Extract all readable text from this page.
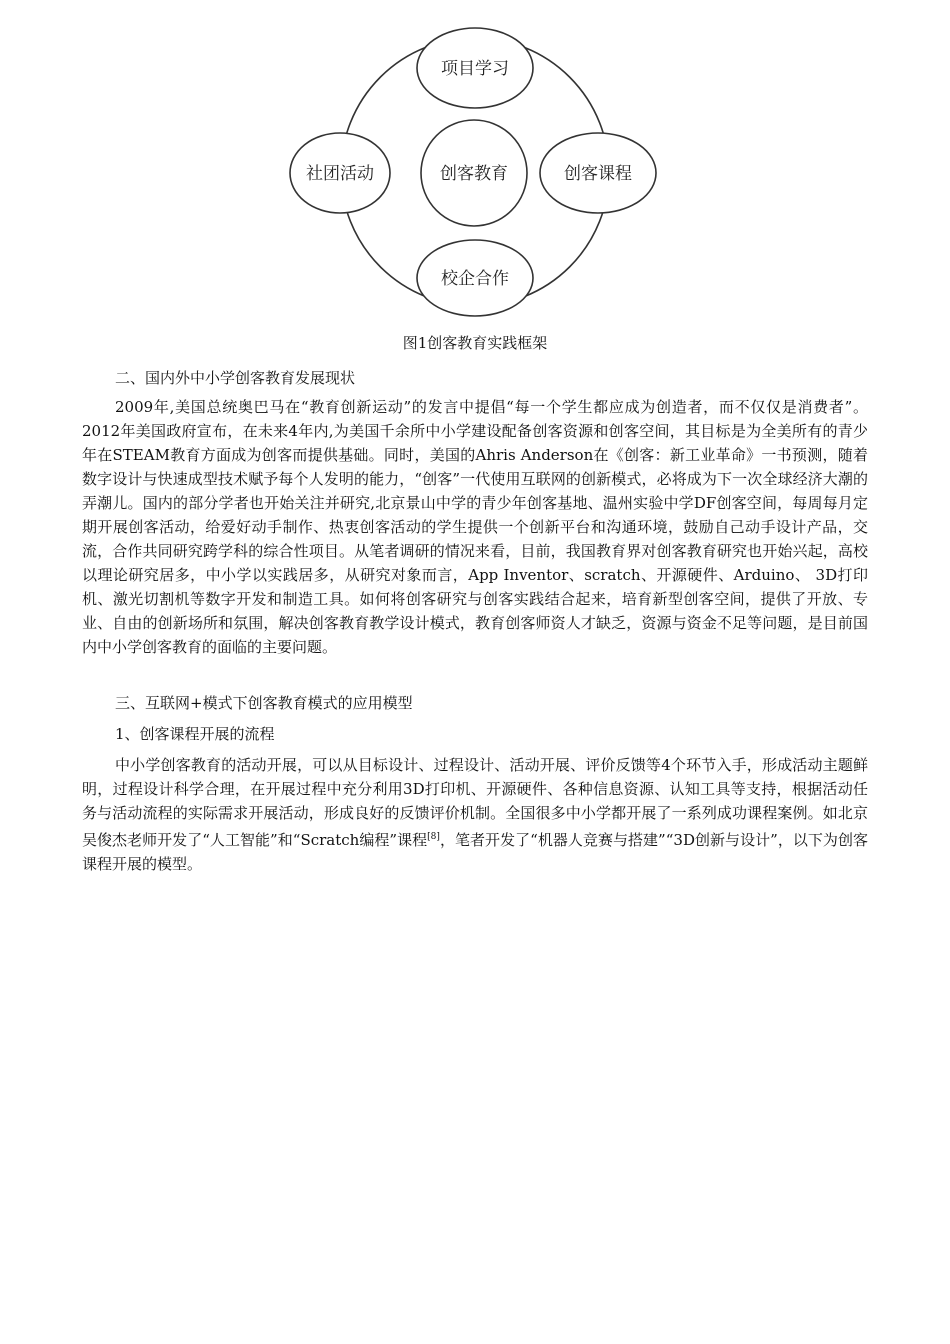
项目学习
社团活动	创客课程
校企合作
创客教育
图1创客教育实践框架
二、国内外中小学创客教育发展现状

2009年,美国总统奥巴马在“教育创新运动”的发言中提倡“每一个学生都应成为创造者，而不仅仅是消费者”。2012年美国政府宣布，在未来4年内,为美国千余所中小学建设配备创客资源和创客空间，其目标是为全美所有的青少年在STEAM教育方面成为创客而提供基础。同时，美国的Ahris Anderson在《创客：新工业革命》一书预测，随着数字设计与快速成型技术赋予每个人发明的能力，“创客”一代使用互联网的创新模式，必将成为下一次全球经济大潮的弄潮儿。国内的部分学者也开始关注并研究,北京景山中学的青少年创客基地、温州实验中学DF创客空间，每周每月定期开展创客活动，给爱好动手制作、热衷创客活动的学生提供一个创新平台和沟通环境，鼓励自己动手设计产品，交流，合作共同研究跨学科的综合性项目。从笔者调研的情况来看，目前，我国教育界对创客教育研究也开始兴起，高校以理论研究居多，中小学以实践居多，从研究对象而言，App Inventor、scratch、开源硬件、Arduino、 3D打印机、激光切割机等数字开发和制造工具。如何将创客研究与创客实践结合起来，培育新型创客空间，提供了开放、专业、自由的创新场所和氛围，解决创客教育教学设计模式，教育创客师资人才缺乏，资源与资金不足等问题，是目前国内中小学创客教育的面临的主要问题。

三、互联网+模式下创客教育模式的应用模型
1、创客课程开展的流程

中小学创客教育的活动开展，可以从目标设计、过程设计、活动开展、评价反馈等4个环节入手，形成活动主题鲜明，过程设计科学合理，在开展过程中充分利用3D打印机、开源硬件、各种信息资源、认知工具等支持，根据活动任务与活动流程的实际需求开展活动，形成良好的反馈评价机制。全国很多中小学都开展了一系列成功课程案例。如北京吴俊杰老师开发了“人工智能”和“Scratch编程”课程[8]，笔者开发了“机器人竞赛与搭建”“3D创新与设计”，以下为创客课程开展的模型。
